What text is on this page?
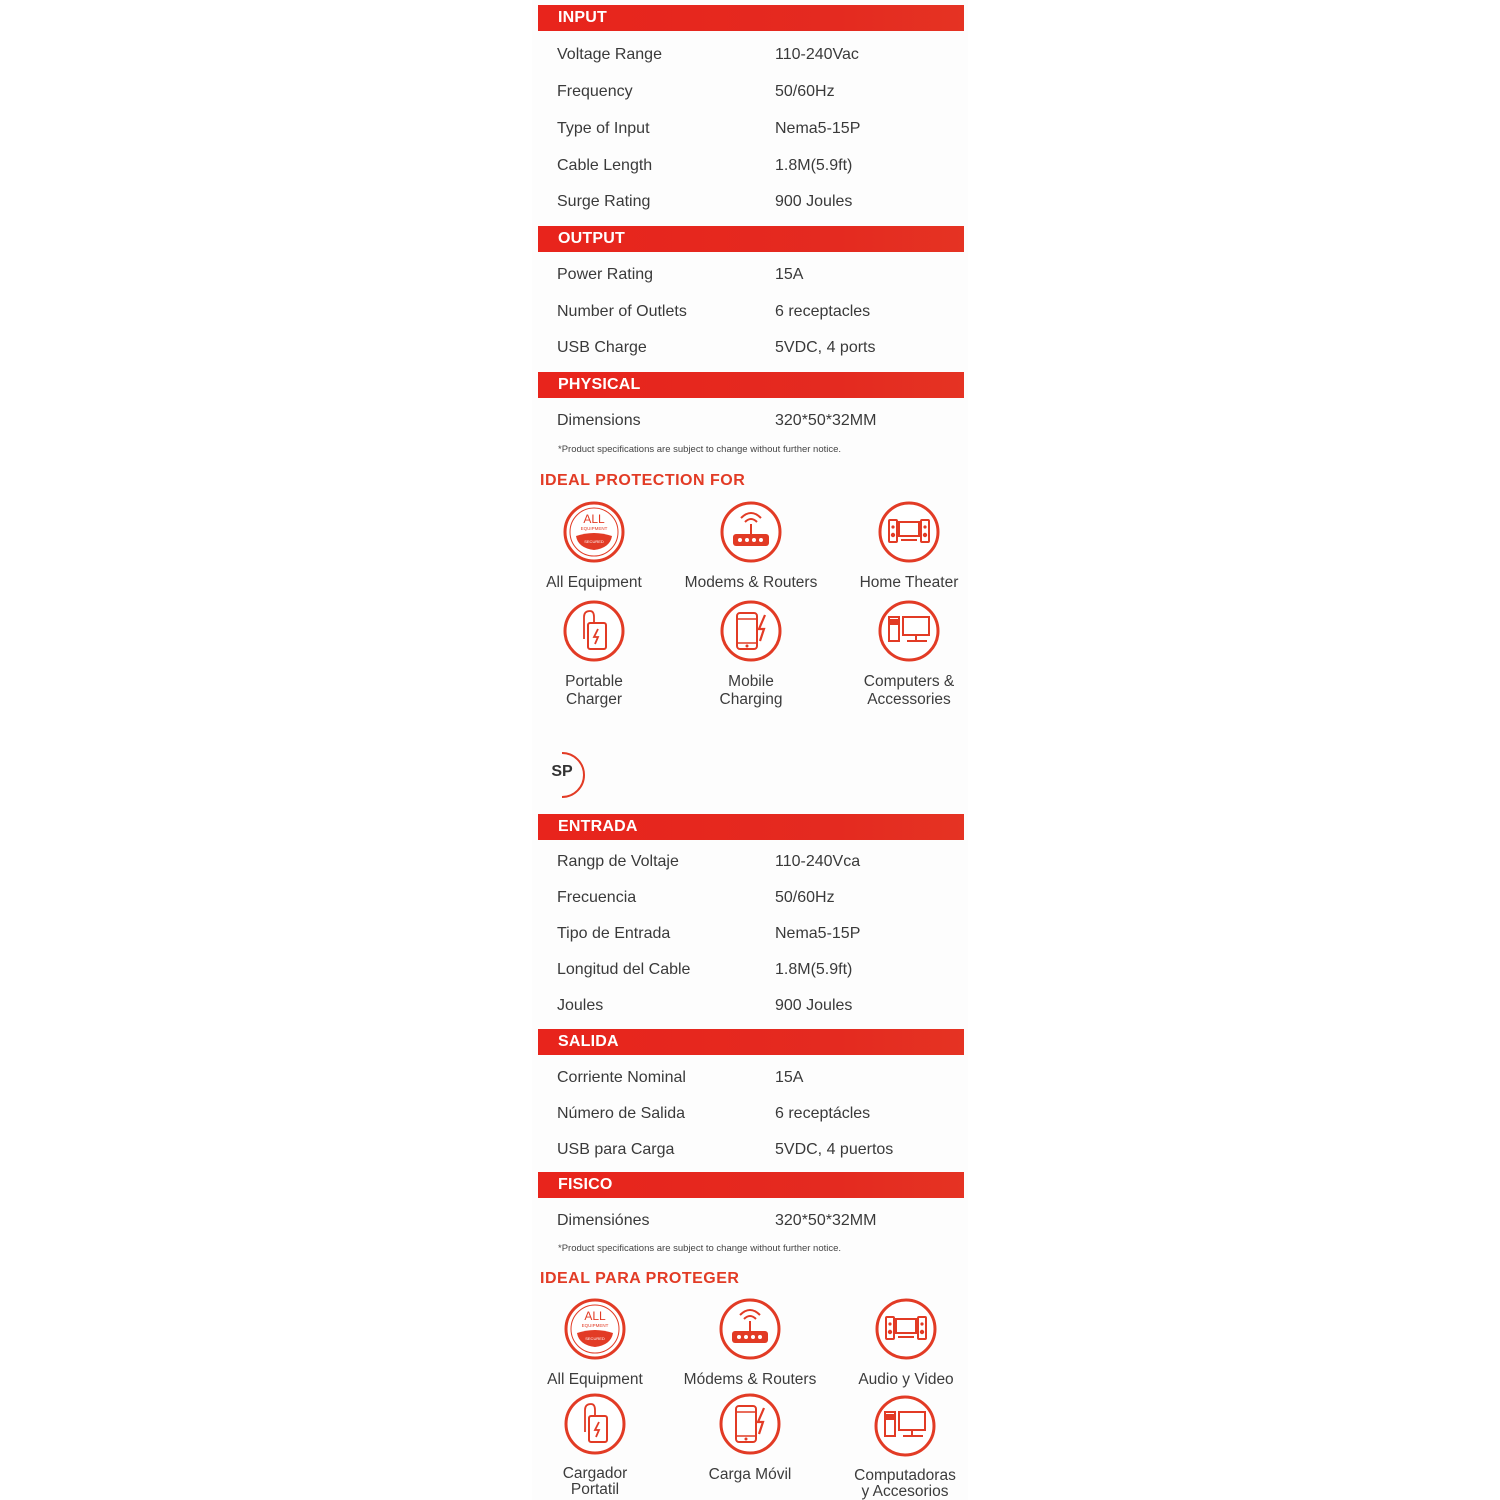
INPUT
Voltage Range	110-240Vac
Frequency	50/60Hz
Type of Input	Nema5-15P
Cable Length	1.8M(5.9ft)
Surge Rating	900 Joules
OUTPUT
Power Rating	15A
Number of Outlets	6 receptacles
USB Charge	5VDC, 4 ports
PHYSICAL
Dimensions	320*50*32MM
*Product specifications are subject to change without further notice.
IDEAL PROTECTION FOR
ALL
EQUIPMENT
SECURED
All Equipment	Modems & Routers	Home Theater
Portable
Charger
Mobile
Charging
Computers &
Accessories
SP
ENTRADA
Rangp de Voltaje	110-240Vca
Frecuencia	50/60Hz
Tipo de Entrada	Nema5-15P
Longitud del Cable	1.8M(5.9ft)
Joules	900 Joules
SALIDA
Corriente Nominal	15A
Número de Salida	6 receptácles
USB para Carga	5VDC, 4 puertos
FISICO
Dimensiónes	320*50*32MM
*Product specifications are subject to change without further notice.
IDEAL PARA PROTEGER
ALL
EQUIPMENT
SECURED
All Equipment	Módems & Routers	Audio y Video
Cargador
Portatil
Carga Móvil	Computadoras
y Accesorios
